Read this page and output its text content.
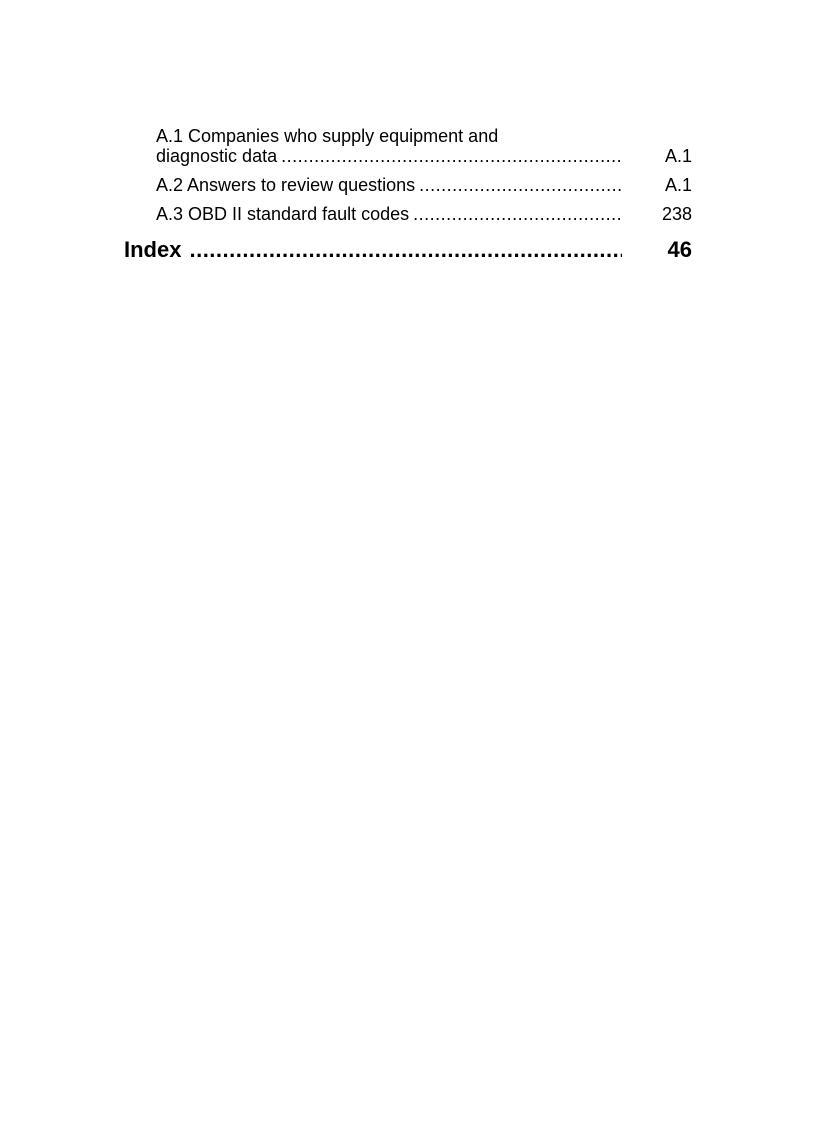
A.1 Companies who supply equipment and
diagnostic data .....	A.1
A.2 Answers to review questions .....	A.1
A.3 OBD II standard fault codes .....	238
Index .....	46
